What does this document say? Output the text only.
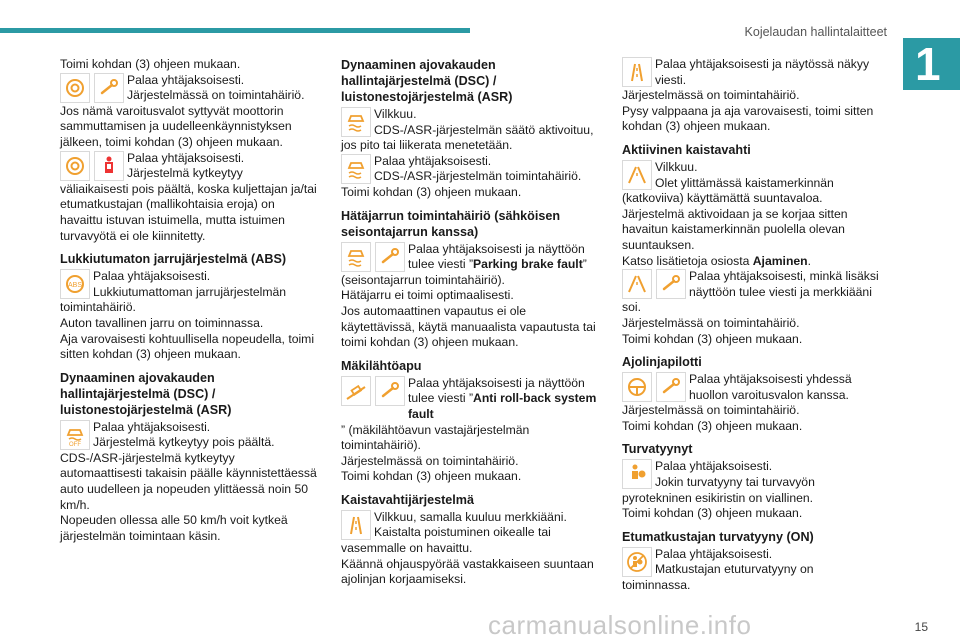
Kojelaudan hallintalaitteet
1

Toimi kohdan (3) ohjeen mukaan.

Palaa yhtäjaksoisesti.

Järjestelmässä on toimintahäiriö.

Jos nämä varoitusvalot syttyvät moottorin sammuttamisen ja uudelleenkäynnistyksen jälkeen, toimi kohdan (3) ohjeen mukaan.

Palaa yhtäjaksoisesti.

Järjestelmä kytkeytyy

väliaikaisesti pois päältä, koska kuljettajan ja/tai etumatkustajan (mallikohtaisia eroja) on havaittu istuvan istuimella, mutta istuimen turvavyötä ei ole kiinnitetty.

Lukkiutumaton jarrujärjestelmä (ABS)

ABS

Palaa yhtäjaksoisesti.

Lukkiutumattoman jarrujärjestelmän

toimintahäiriö.
Auton tavallinen jarru on toiminnassa.
Aja varovaisesti kohtuullisella nopeudella, toimi sitten kohdan (3) ohjeen mukaan.

Dynaaminen ajovakauden hallintajärjestelmä (DSC) / luistonestojärjestelmä (ASR)

OFF

Palaa yhtäjaksoisesti.

Järjestelmä kytkeytyy pois päältä.

CDS-/ASR-järjestelmä kytkeytyy automaattisesti takaisin päälle käynnistettäessä auto uudelleen ja nopeuden ylittäessä noin 50 km/h.
Nopeuden ollessa alle 50 km/h voit kytkeä järjestelmän toimintaan käsin.

Dynaaminen ajovakauden hallintajärjestelmä (DSC) / luistonestojärjestelmä (ASR)

Vilkkuu.

CDS-/ASR-järjestelmän säätö aktivoituu,

jos pito tai liikerata menetetään.

Palaa yhtäjaksoisesti.

CDS-/ASR-järjestelmän toimintahäiriö.

Toimi kohdan (3) ohjeen mukaan.

Hätäjarrun toimintahäiriö (sähköisen seisontajarrun kanssa)

Palaa yhtäjaksoisesti ja näyttöön

tulee viesti ”Parking brake fault”

(seisontajarrun toimintahäiriö).
Hätäjarru ei toimi optimaalisesti.
Jos automaattinen vapautus ei ole käytettävissä, käytä manuaalista vapautusta tai toimi kohdan (3) ohjeen mukaan.

Mäkilähtöapu

Palaa yhtäjaksoisesti ja näyttöön

tulee viesti ”Anti roll-back system fault

” (mäkilähtöavun vastajärjestelmän toimintahäiriö).

Järjestelmässä on toimintahäiriö.
Toimi kohdan (3) ohjeen mukaan.

Kaistavahtijärjestelmä

Vilkkuu, samalla kuuluu merkkiääni.

Kaistalta poistuminen oikealle tai

vasemmalle on havaittu.
Käännä ohjauspyörää vastakkaiseen suuntaan ajolinjan korjaamiseksi.

Palaa yhtäjaksoisesti ja näytössä näkyy

viesti.

Järjestelmässä on toimintahäiriö.
Pysy valppaana ja aja varovaisesti, toimi sitten kohdan (3) ohjeen mukaan.

Aktiivinen kaistavahti

Vilkkuu.

Olet ylittämässä kaistamerkinnän

(katkoviiva) käyttämättä suuntavaloa. Järjestelmä aktivoidaan ja se korjaa sitten havaitun kaistamerkinnän puolella olevan suuntauksen.

Katso lisätietoja osiosta Ajaminen.

Palaa yhtäjaksoisesti, minkä lisäksi

näyttöön tulee viesti ja merkkiääni

soi.
Järjestelmässä on toimintahäiriö.
Toimi kohdan (3) ohjeen mukaan.

Ajolinjapilotti

Palaa yhtäjaksoisesti yhdessä

huollon varoitusvalon kanssa.

Järjestelmässä on toimintahäiriö.
Toimi kohdan (3) ohjeen mukaan.

Turvatyynyt

Palaa yhtäjaksoisesti.

Jokin turvatyyny tai turvavyön

pyrotekninen esikiristin on viallinen.
Toimi kohdan (3) ohjeen mukaan.

Etumatkustajan turvatyyny (ON)

Palaa yhtäjaksoisesti.

Matkustajan etuturvatyyny on

toiminnassa.

carmanualsonline.info	15
